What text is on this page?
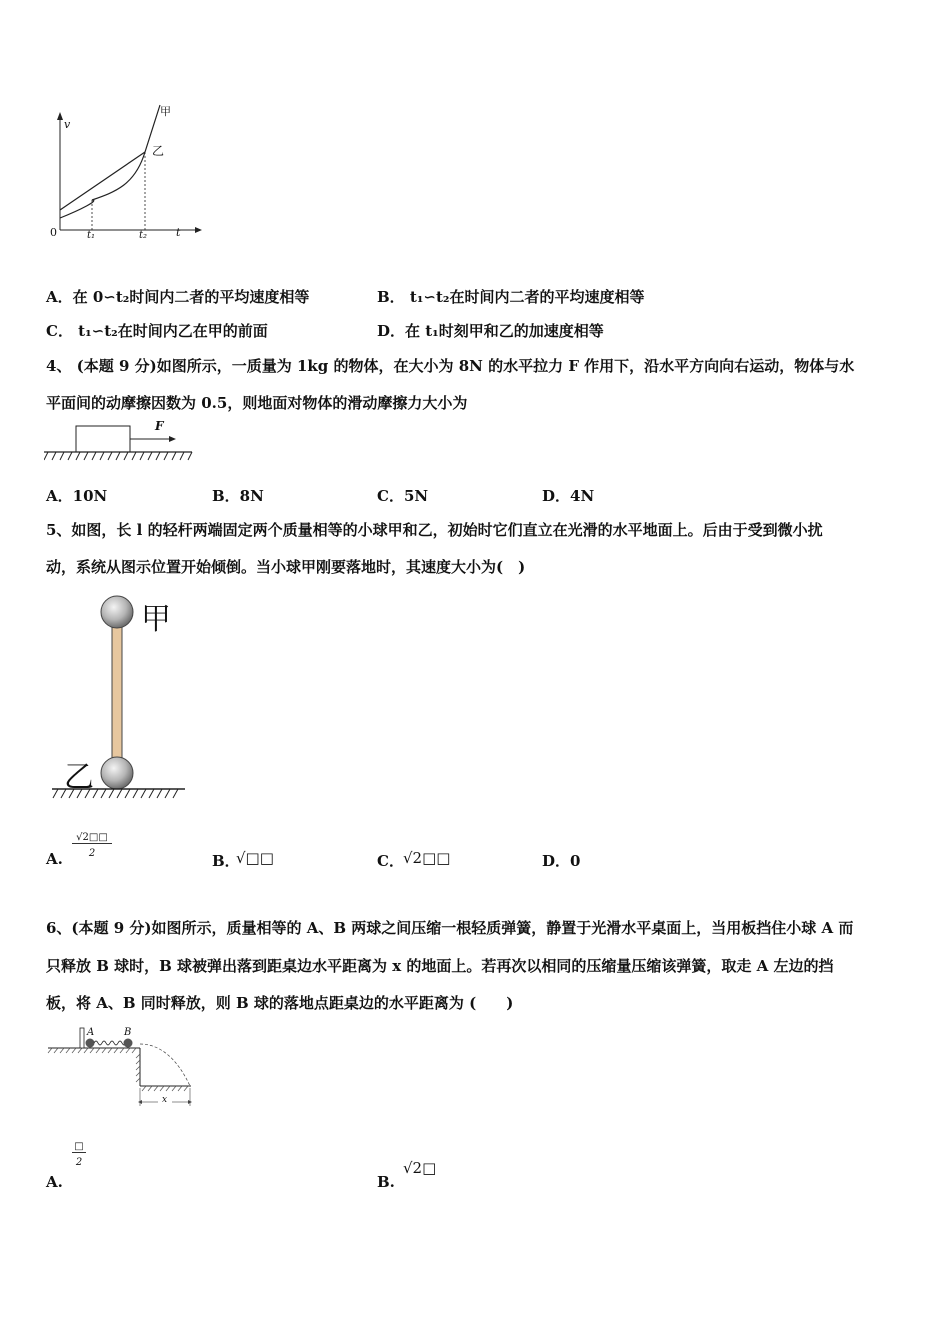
v
t
0
甲
乙
t₁	t₂
A．在 0∽t₂时间内二者的平均速度相等	B． t₁∽t₂在时间内二者的平均速度相等
C． t₁∽t₂在时间内乙在甲的前面	D．在 t₁时刻甲和乙的加速度相等
4、 (本题 9 分)如图所示，一质量为 1kg 的物体，在大小为 8N 的水平拉力 F 作用下，沿水平方向向右运动，物体与水
平面间的动摩擦因数为 0.5，则地面对物体的滑动摩擦力大小为
F
A．10N	B．8N	C．5N	D．4N
5、如图，长 l 的轻杆两端固定两个质量相等的小球甲和乙，初始时它们直立在光滑的水平地面上。后由于受到微小扰
动，系统从图示位置开始倾倒。当小球甲刚要落地时，其速度大小为(　)
甲
乙
A.
√2□□
2	B．
√□□	C． √2□□	D．0
6、(本题 9 分)如图所示，质量相等的 A、B 两球之间压缩一根轻质弹簧，静置于光滑水平桌面上，当用板挡住小球 A 而
只释放 B 球时，B 球被弹出落到距桌边水平距离为 x 的地面上。若再次以相同的压缩量压缩该弹簧，取走 A 左边的挡
板，将 A、B 同时释放，则 B 球的落地点距桌边的水平距离为 (　　)
A	B
x
A.
□
2
B.
√2□
